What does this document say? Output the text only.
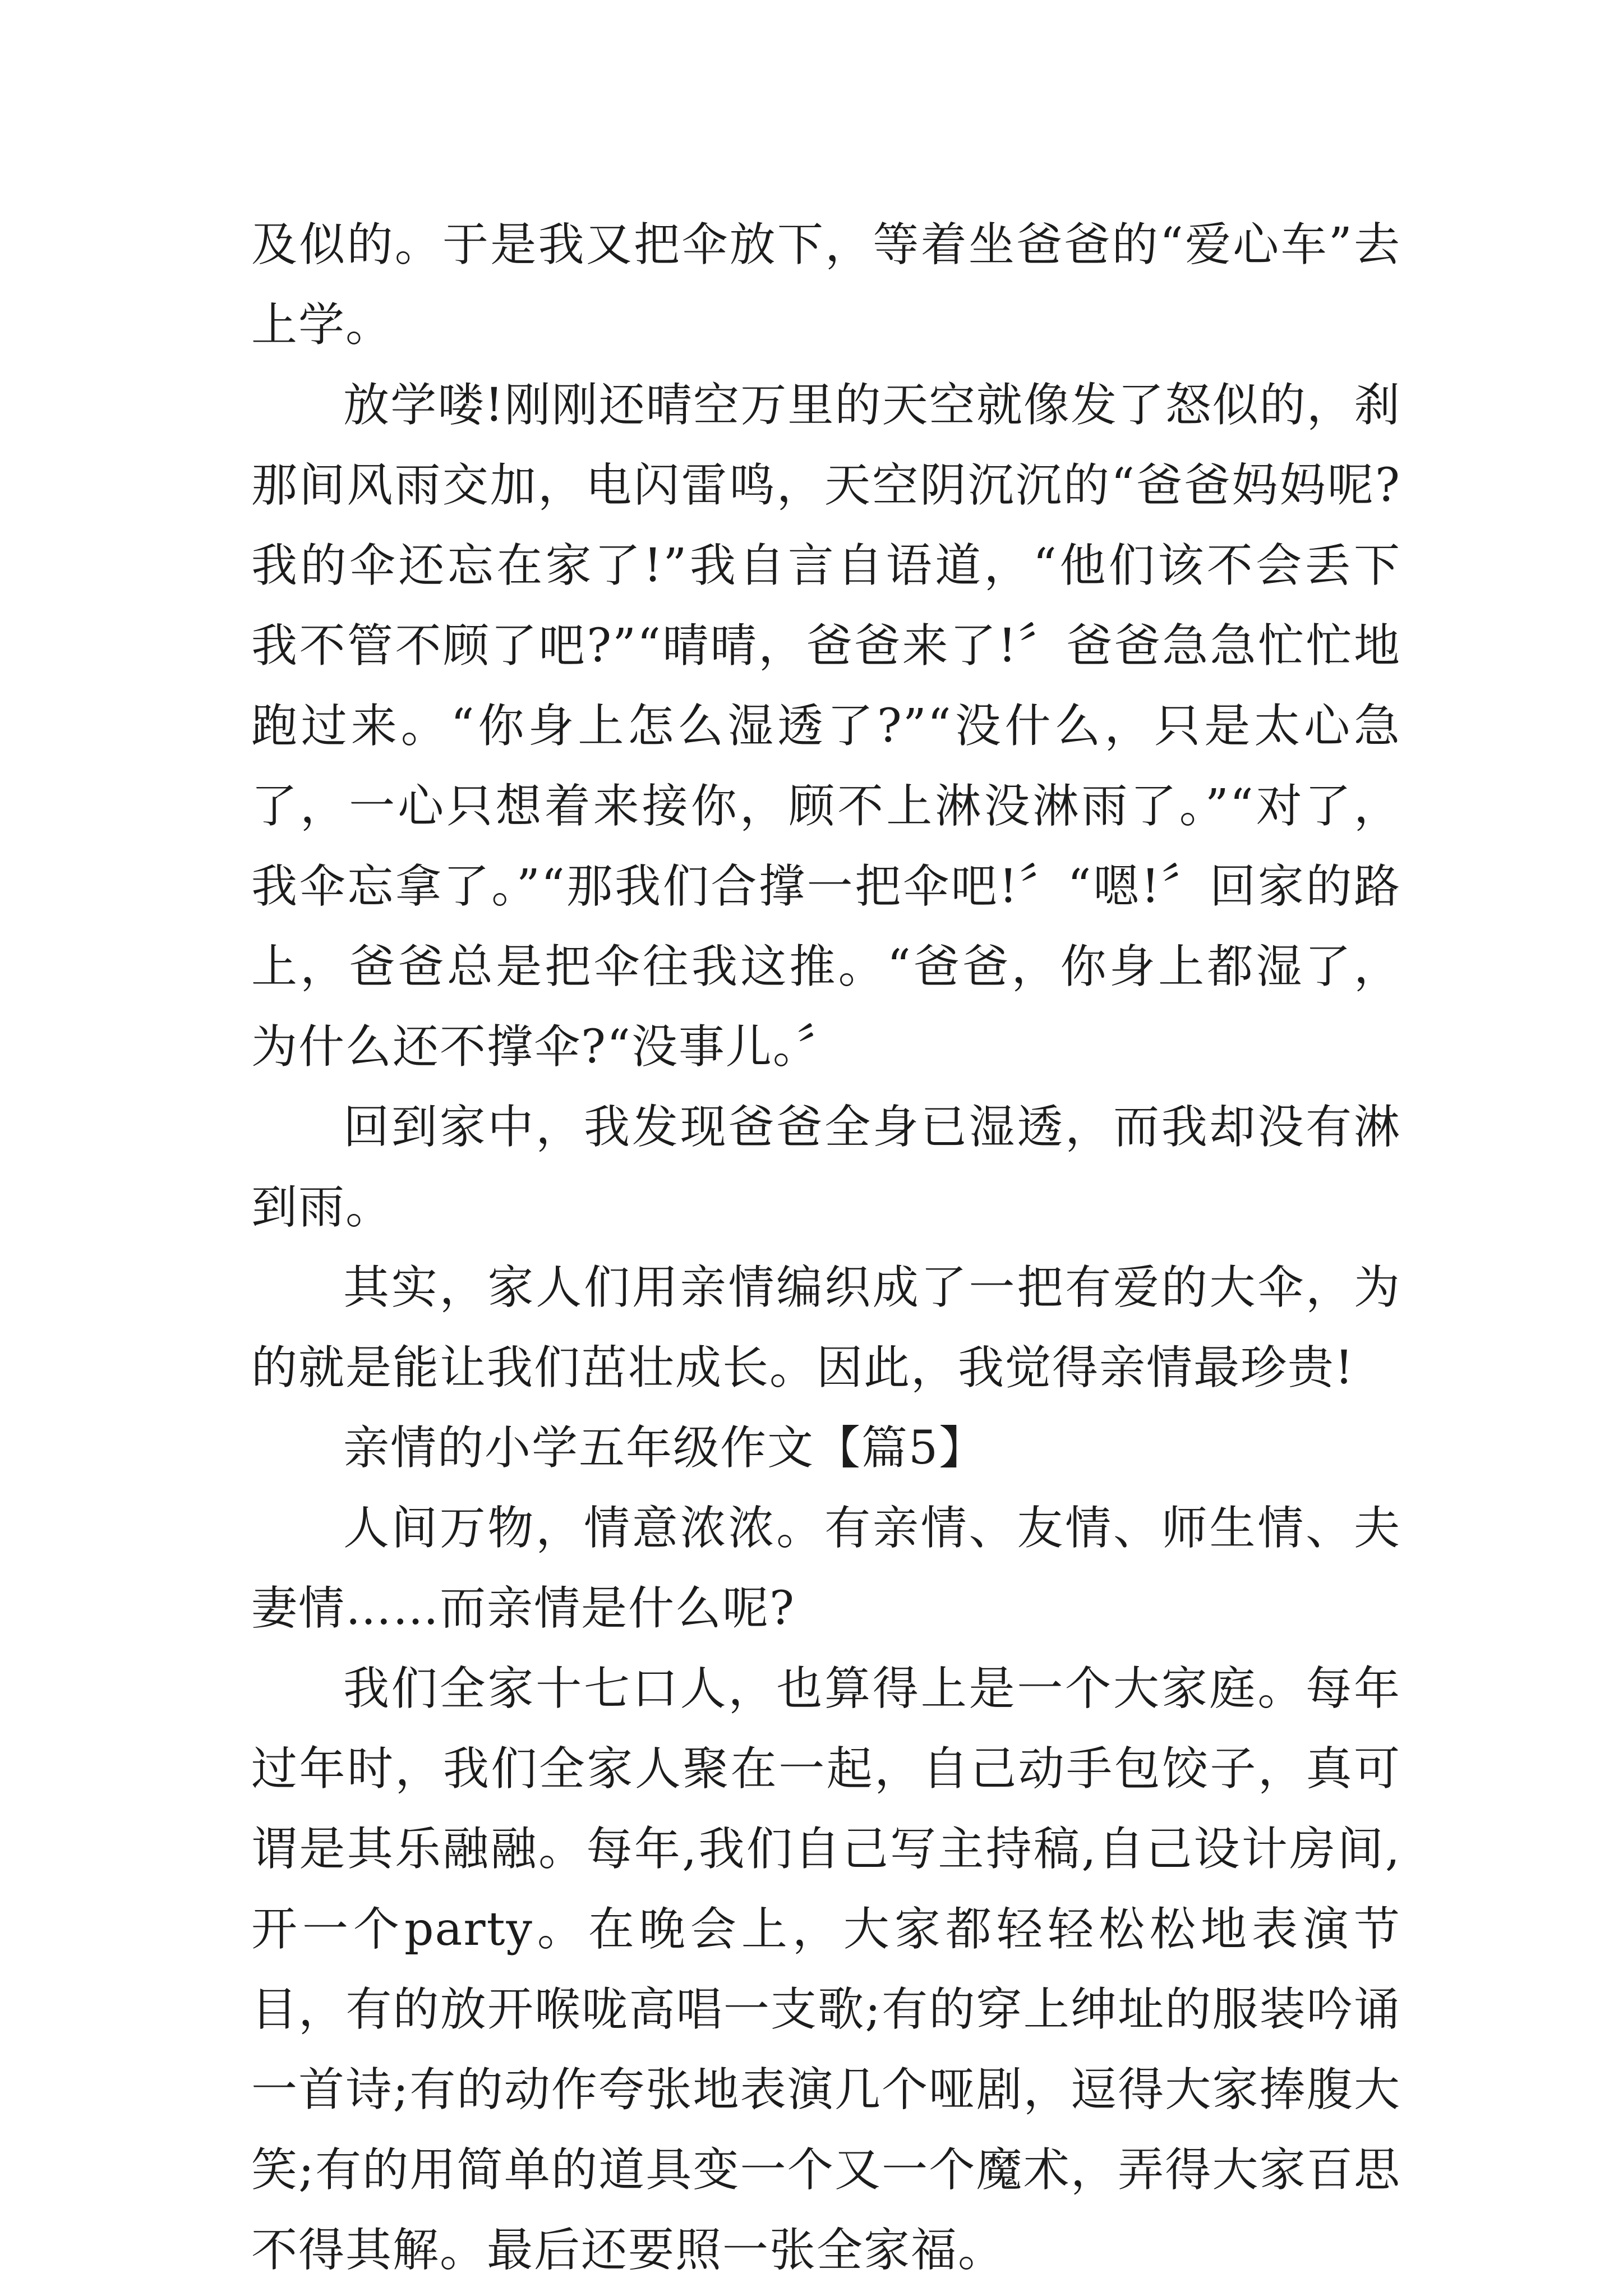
及似的。于是我又把伞放下，等着坐爸爸的“爱心车”去上学。

放学喽!刚刚还晴空万里的天空就像发了怒似的，刹那间风雨交加，电闪雷鸣，天空阴沉沉的“爸爸妈妈呢?我的伞还忘在家了!”我自言自语道，“他们该不会丢下我不管不顾了吧?”“晴晴，爸爸来了!〞爸爸急急忙忙地跑过来。“你身上怎么湿透了?”“没什么，只是太心急了，一心只想着来接你，顾不上淋没淋雨了。”“对了，我伞忘拿了。”“那我们合撑一把伞吧!〞“嗯!〞回家的路上，爸爸总是把伞往我这推。“爸爸，你身上都湿了，为什么还不撑伞?“没事儿。〞

回到家中，我发现爸爸全身已湿透，而我却没有淋到雨。

其实，家人们用亲情编织成了一把有爱的大伞，为的就是能让我们茁壮成长。因此，我觉得亲情最珍贵!

亲情的小学五年级作文【篇5】

人间万物，情意浓浓。有亲情、友情、师生情、夫妻情……而亲情是什么呢?

我们全家十七口人，也算得上是一个大家庭。每年过年时，我们全家人聚在一起，自己动手包饺子，真可谓是其乐融融。每年,我们自己写主持稿,自己设计房间,开一个party。在晚会上，大家都轻轻松松地表演节目，有的放开喉咙高唱一支歌;有的穿上绅址的服装吟诵一首诗;有的动作夸张地表演几个哑剧，逗得大家捧腹大笑;有的用简单的道具变一个又一个魔术，弄得大家百思不得其解。最后还要照一张全家福。
